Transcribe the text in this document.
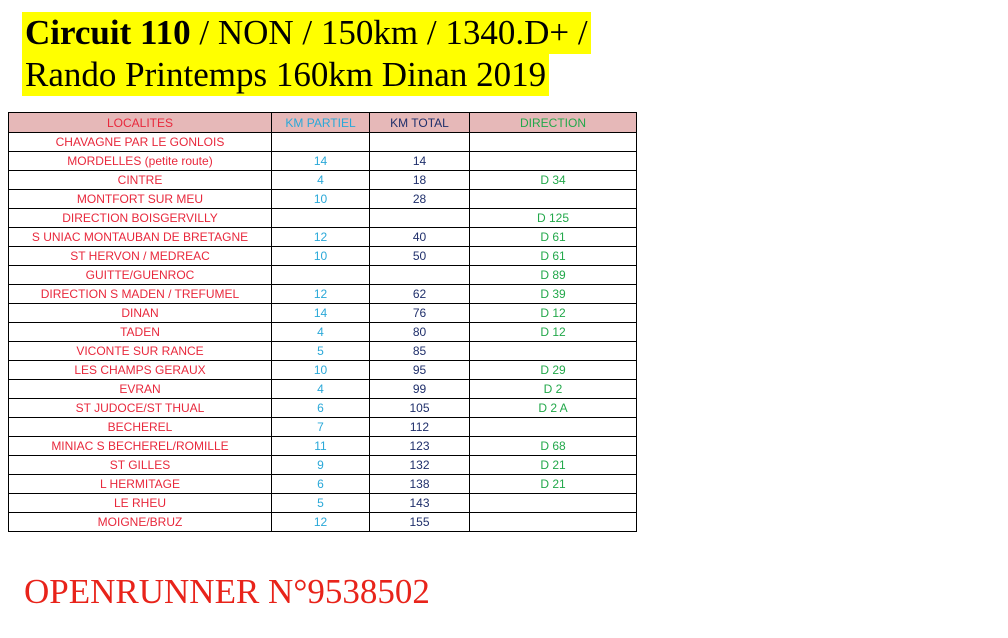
Circuit 110 / NON / 150km / 1340.D+ /
Rando Printemps 160km Dinan 2019
LOCALITES	KM PARTIEL	KM TOTAL	DIRECTION
CHAVAGNE PAR LE GONLOIS			
MORDELLES (petite route)	14	14	
CINTRE	4	18	D 34
MONTFORT SUR MEU	10	28	
DIRECTION BOISGERVILLY			D 125
S UNIAC MONTAUBAN DE BRETAGNE	12	40	D 61
ST HERVON / MEDREAC	10	50	D 61
GUITTE/GUENROC			D 89
DIRECTION S MADEN / TREFUMEL	12	62	D 39
DINAN	14	76	D 12
TADEN	4	80	D 12
VICONTE SUR RANCE	5	85	
LES CHAMPS GERAUX	10	95	D 29
EVRAN	4	99	D 2
ST JUDOCE/ST THUAL	6	105	D 2 A
BECHEREL	7	112	
MINIAC S BECHEREL/ROMILLE	11	123	D 68
ST GILLES	9	132	D 21
L HERMITAGE	6	138	D 21
LE RHEU	5	143	
MOIGNE/BRUZ	12	155	
OPENRUNNER N°9538502
